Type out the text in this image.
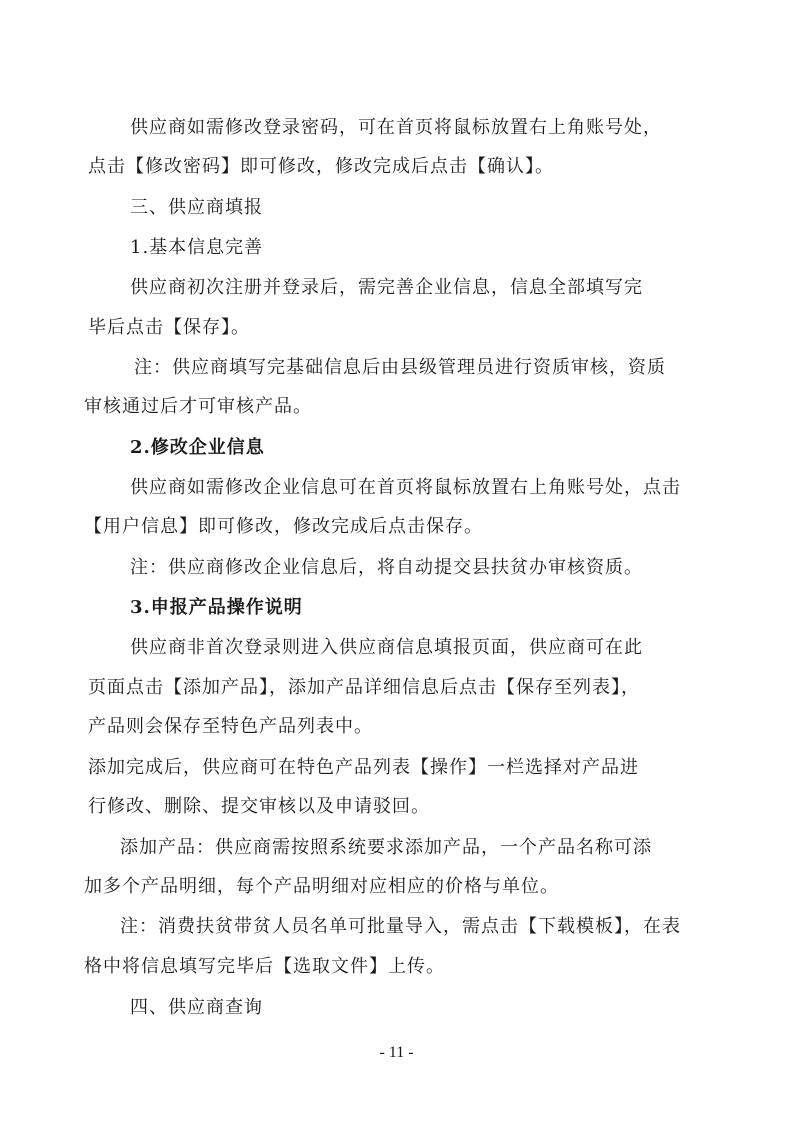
供应商如需修改登录密码，可在首页将鼠标放置右上角账号处，
点击【修改密码】即可修改，修改完成后点击【确认】。
三、供应商填报
1.基本信息完善
供应商初次注册并登录后，需完善企业信息，信息全部填写完
毕后点击【保存】。
注：供应商填写完基础信息后由县级管理员进行资质审核，资质
审核通过后才可审核产品。
2.修改企业信息
供应商如需修改企业信息可在首页将鼠标放置右上角账号处，点击
【用户信息】即可修改，修改完成后点击保存。
注：供应商修改企业信息后，将自动提交县扶贫办审核资质。
3.申报产品操作说明
供应商非首次登录则进入供应商信息填报页面，供应商可在此
页面点击【添加产品】，添加产品详细信息后点击【保存至列表】，
产品则会保存至特色产品列表中。
添加完成后，供应商可在特色产品列表【操作】一栏选择对产品进
行修改、删除、提交审核以及申请驳回。
添加产品：供应商需按照系统要求添加产品，一个产品名称可添
加多个产品明细，每个产品明细对应相应的价格与单位。
注：消费扶贫带贫人员名单可批量导入，需点击【下载模板】，在表
格中将信息填写完毕后【选取文件】上传。
四、供应商查询
- 11 -
